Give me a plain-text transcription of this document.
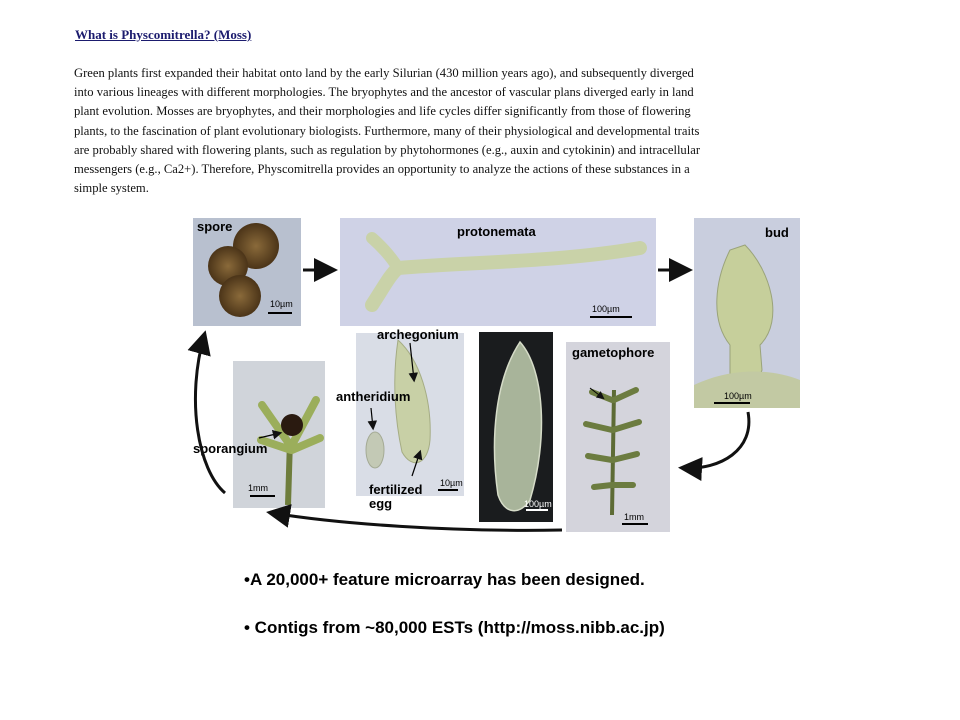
What is Physcomitrella? (Moss)
Green plants first expanded their habitat onto land by the early Silurian (430 million years ago), and subsequently diverged
into various lineages with different morphologies. The bryophytes and the ancestor of vascular plans diverged early in land
plant evolution. Mosses are bryophytes, and their morphologies and life cycles differ significantly from those of flowering
plants, to the fascination of plant evolutionary biologists. Furthermore, many of their physiological and developmental traits
are probably shared with flowering plants, such as regulation by phytohormones (e.g., auxin and cytokinin) and intracellular
messengers (e.g., Ca2+). Therefore, Physcomitrella provides an opportunity to analyze the actions of these substances in a
simple system.
spore
10µm
protonemata
100µm
bud
100µm
gametophore
1mm
100µm
archegonium
antheridium
fertilized
egg
10µm
sporangium
1mm
•A 20,000+ feature microarray has been designed.
• Contigs from ~80,000 ESTs (http://moss.nibb.ac.jp)
